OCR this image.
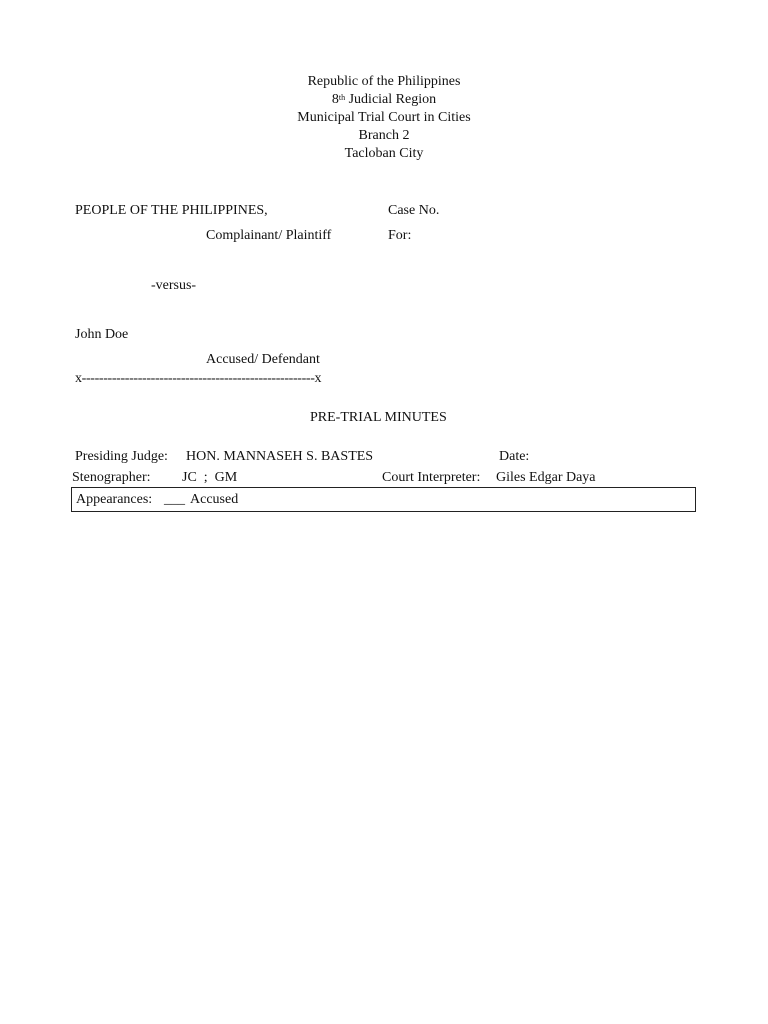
Republic of the Philippines
8th Judicial Region
Municipal Trial Court in Cities
Branch 2
Tacloban City
PEOPLE OF THE PHILIPPINES,	Case No.
Complainant/ Plaintiff	For:
-versus-
John Doe
Accused/ Defendant
x------------------------------------------------------x
PRE-TRIAL MINUTES
Presiding Judge: HON. MANNASEH S. BASTES	Date:
Stenographer: JC  ;  GM	Court Interpreter: Giles Edgar Daya
Appearances: ___ Accused
